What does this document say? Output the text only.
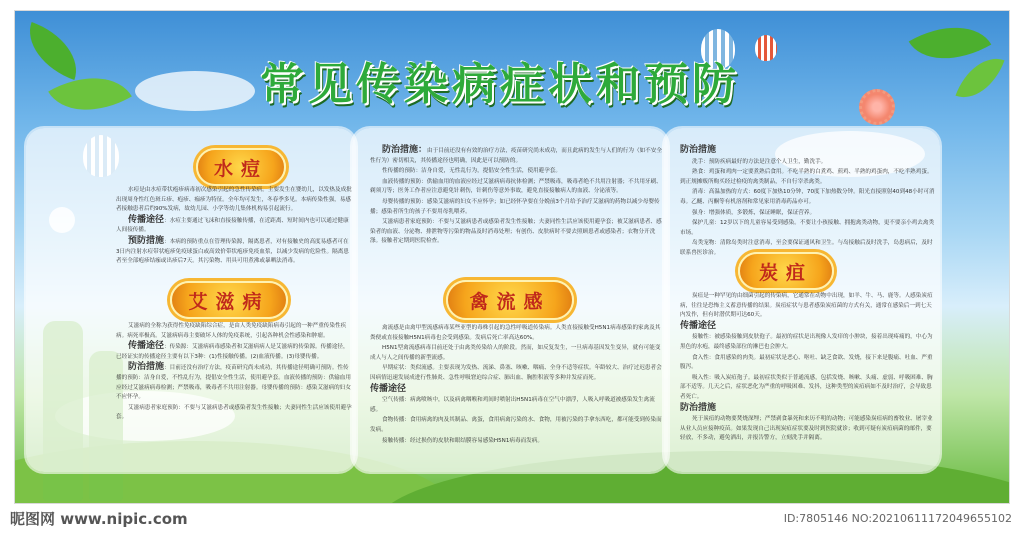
常见传染病症状和预防
水痘

水痘是由水痘带状疱疹病毒初次感染引起的急性传染病。主要发生在婴幼儿，以发热及成批出现周身性红色斑丘疹、疱疹、痂疹为特征。全年均可发生，冬春季多见。本病传染性强，易感者接触患者后约90%发病，故幼儿园、小学等幼儿集体机构易引起流行。

传播途径：水痘主要通过飞沫和直接接触传播，在近距离、短时间内也可以通过健康人间接传播。

预防措施：本病的预防重点在管理传染源，隔离患者，对有接触史的高度易感者可在3日内注射水痘带状疱疹免疫球蛋白或高效价带状疱疹免疫血浆，以减少发病的危险性。隔离患者至全部疱疹结痂或出疹后7天。其污染物、用具可用煮沸或暴晒法消毒。

艾滋病

艾滋病的全称为获得性免疫缺陷综合症，是由人类免疫缺陷病毒引起的一种严重传染性疾病。病死率极高。艾滋病病毒主要破坏人体的免疫系统，引起各种机会性感染和肿瘤。

传播途径：传染源：艾滋病病毒感染者和艾滋病病人是艾滋病的传染源。传播途径，已经证实的传播途径主要有以下3种：(1)性接触传播。(2)血液传播。(3)母婴传播。

防治措施：目前还没有治疗方法，疫苗研究尚未成功，其传播途径明确可预防。性传播的预防：洁身自爱，不性乱行为，提倡安全性生活，使用避孕套。血液传播的预防：供输血用应经过艾滋病病毒检测；严禁吸毒，吸毒者不共用注射器。母婴传播的预防：感染艾滋病的妇女不应怀孕。

艾滋病患者家庭预防：不要与艾滋病患者或感染者发生性接触；夫妻同性生活应该使用避孕套。

防治措施：由于目前还没有有效的治疗方法，疫苗研究尚未成功，而且此病的发生与人们的行为（如不安全性行为）密切相关，其传播途径也明确，因此是可以预防的。

性传播的预防：洁身自爱，无性乱行为，提倡安全性生活，使用避孕套。

血液传播的预防：供输血用的血液应经过艾滋病病毒抗体检测；严禁吸毒，吸毒者绝不共用注射器；不共用牙刷、剃须刀等；医务工作者应注意避免针刺伤，针刺伤等意外事故，避免直接接触病人的血液、分泌液等。

母婴传播的预防：感染艾滋病的妇女不应怀孕；如已经怀孕要在分娩前3个月给予治疗艾滋病的药物以减少母婴传播；感染者所生的孩子不要用母乳喂养。

艾滋病患者家庭预防：不要与艾滋病患者或感染者发生性接触；夫妻同性生活应该使用避孕套；被艾滋病患者、感染者的血液、分泌物、排泄物等污染的物品及时消毒处理；有创伤、皮肤病时不要去照顾患者或感染者；衣物分开洗涤。接触者定期到医院检查。

禽流感

禽流感是由禽甲型流感病毒某些亚型的毒株引起的急性呼吸道传染病。人类直接接触受H5N1病毒感染的家禽及其粪便或直接接触H5N1病毒也会受到感染。发病后死亡率高达60%。

H5N1型禽流感病毒目前还处于由禽类传染给人的阶段。然而，如反复发生，一旦病毒基因发生变异，就有可能变成人与人之间传播的新型流感。

早期症状：类似流感。主要表现为发热、流涕、鼻塞、咳嗽、咽痛、全身不适等症状。年龄较大、治疗过迟患者会因病情迅速发展成进行性肺炎、急性呼吸窘迫综合症、肺出血、胸腔积液等多种并发症而死。

传播途径

空气传播：病禽喷咳中，以及病禽咽喉和鸡间时喷射出H5N1病毒在空气中漂浮，人吸入呼吸道被感染发生禽流感。

食物传播：食用病禽的肉及其制品、禽蛋，食用病禽污染的水、食物，用被污染的手拿东西吃，都可能受到传染而发病。

接触传播：经过损伤的皮肤和眼结膜容易感染H5N1病毒而发病。

防治措施

洗手：预防疾病最好的方法是注意个人卫生，勤洗手。

熟食：鸡蛋和鸡肉一定要煮熟后食用。不吃半熟的白煮鸡、煎鸡、半熟的鸡蛋肉，不吃半熟鸡蛋。到正规摊贩所购买经过检疫的禽类制品，不自行宰杀禽类。

消毒：高温加热的方式：60度下加热10分钟，70度下加热数分钟。阳光直接照射40到48小时可消毒。乙醚、丙酮等有机溶剂和常见家用消毒药品亦可。

强身：增强体质，多锻炼，保证睡眠，保证营养。

保护儿童：12岁以下的儿童容易受到感染。不要让小孩接触、拥抱禽类动物，更不要亲小鸡去禽类市场。

岛类宠物：清除岛类时注意消毒，至会要保证通风和卫生。与岛接触后及时洗手，岛患病后，及时联系兽医诊治。

炭疽

炭疽是一种罕见的由细菌引起的传染病，它通常在动物中出现，如羊、牛、马、鹿等。人感染炭疽病，往往是恐怖主义蓄意传播的结果。炭疽症状与患者感染炭疽菌的方式有关，通常在感染后一到七天内发作，但有时潜伏期可达60天。

传播途径

接触性：被感染接触到皮肤孢子。最初的症状是出现像人发痒的小肿块，接着出现疼痛的，中心为黑色的水疱，最终感染部位的淋巴也会肿大。

食入性：食用感染的肉类。最初症状是恶心、呕吐、缺乏食欲、发烧，接下来是腹痛、吐血、严重腹泻。

吸入性：吸入炭疽孢子。最初症状类似于普通流感，包括发烧、咳嗽、头痛、虚弱、呼吸困难、胸部不适等。几天之后，症状恶化为严重的呼吸困难、发抖，这种类型的炭疽病如不及时治疗，会导致患者死亡。

防治措施

死于炭疽的动物要焚烧深埋；严禁剥食暴死和来历不明的动物；可能感染炭疽病的畜牧业、屠宰业从业人员应接种疫苗。如果发现自己出现炭疽症状要及时到医院就诊；收到可疑有炭疽病菌的邮件，要轻放，不多动，避免洒出，并报告警方，立刻洗手并隔离。

昵图网 www.nipic.com	ID:7805146 NO:20210611172049655102
